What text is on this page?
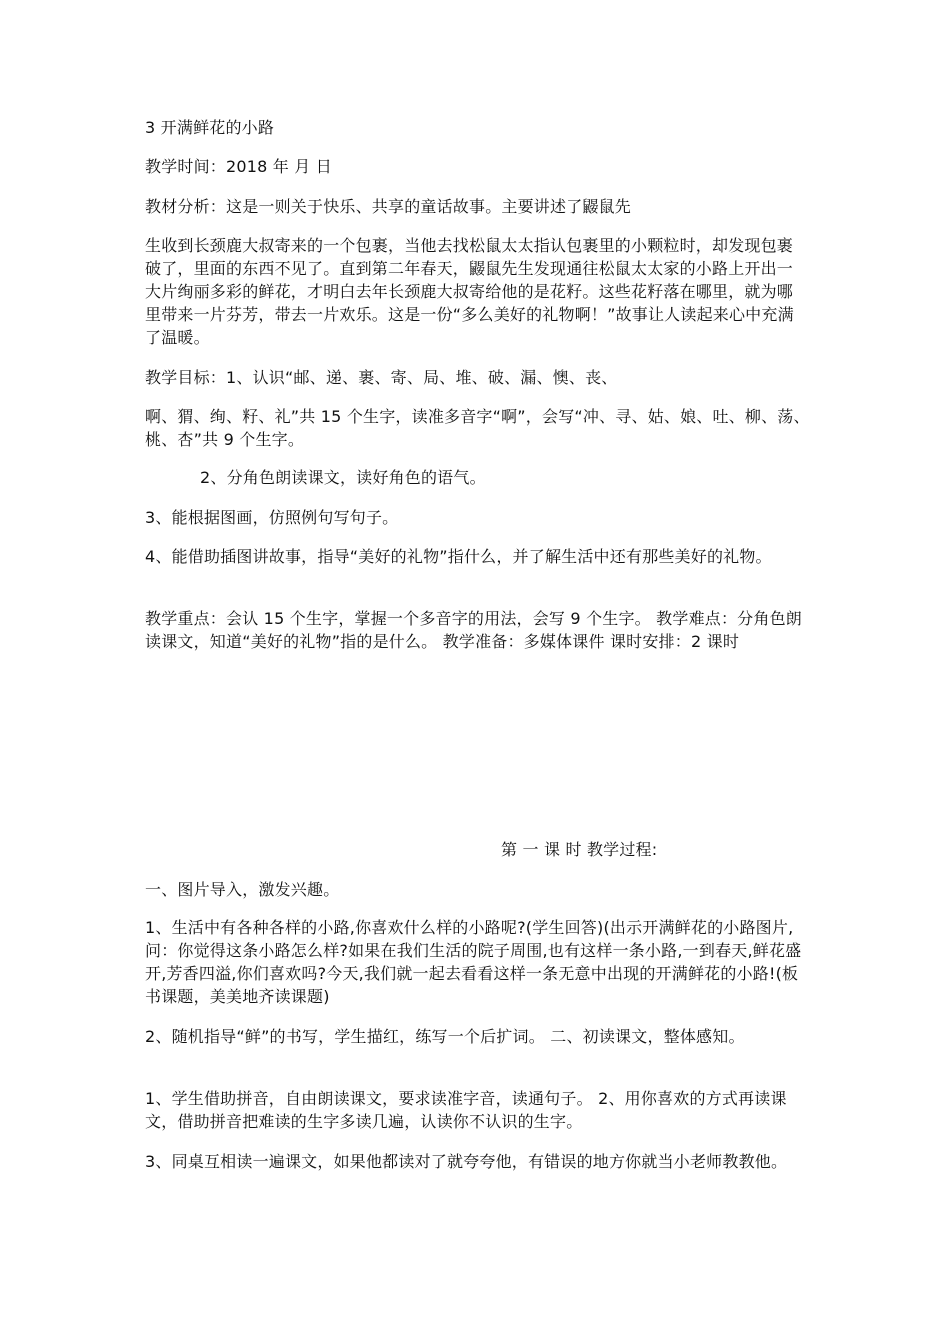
3 开满鲜花的小路

教学时间：2018 年 月 日

教材分析：这是一则关于快乐、共享的童话故事。主要讲述了鼹鼠先

生收到长颈鹿大叔寄来的一个包裹，当他去找松鼠太太指认包裹里的小颗粒时，却发现包裹破了，里面的东西不见了。直到第二年春天，鼹鼠先生发现通往松鼠太太家的小路上开出一大片绚丽多彩的鲜花，才明白去年长颈鹿大叔寄给他的是花籽。这些花籽落在哪里，就为哪里带来一片芬芳，带去一片欢乐。这是一份“多么美好的礼物啊！”故事让人读起来心中充满了温暖。

教学目标：1、认识“邮、递、裹、寄、局、堆、破、漏、懊、丧、

啊、猬、绚、籽、礼”共 15 个生字，读准多音字“啊”，会写“冲、寻、姑、娘、吐、柳、荡、桃、杏”共 9 个生字。

2、分角色朗读课文，读好角色的语气。

3、能根据图画，仿照例句写句子。

4、能借助插图讲故事，指导“美好的礼物”指什么，并了解生活中还有那些美好的礼物。

教学重点：会认 15 个生字，掌握一个多音字的用法，会写 9 个生字。 教学难点：分角色朗读课文，知道“美好的礼物”指的是什么。 教学准备：多媒体课件 课时安排：2 课时

第 一 课 时 教学过程:

一、图片导入，激发兴趣。

1、生活中有各种各样的小路,你喜欢什么样的小路呢?(学生回答)(出示开满鲜花的小路图片,问：你觉得这条小路怎么样?如果在我们生活的院子周围,也有这样一条小路,一到春天,鲜花盛开,芳香四溢,你们喜欢吗?今天,我们就一起去看看这样一条无意中出现的开满鲜花的小路!(板书课题，美美地齐读课题)

2、随机指导“鲜”的书写，学生描红，练写一个后扩词。 二、初读课文，整体感知。

1、学生借助拼音，自由朗读课文，要求读准字音，读通句子。 2、用你喜欢的方式再读课文，借助拼音把难读的生字多读几遍，认读你不认识的生字。

3、同桌互相读一遍课文，如果他都读对了就夸夸他，有错误的地方你就当小老师教教他。
